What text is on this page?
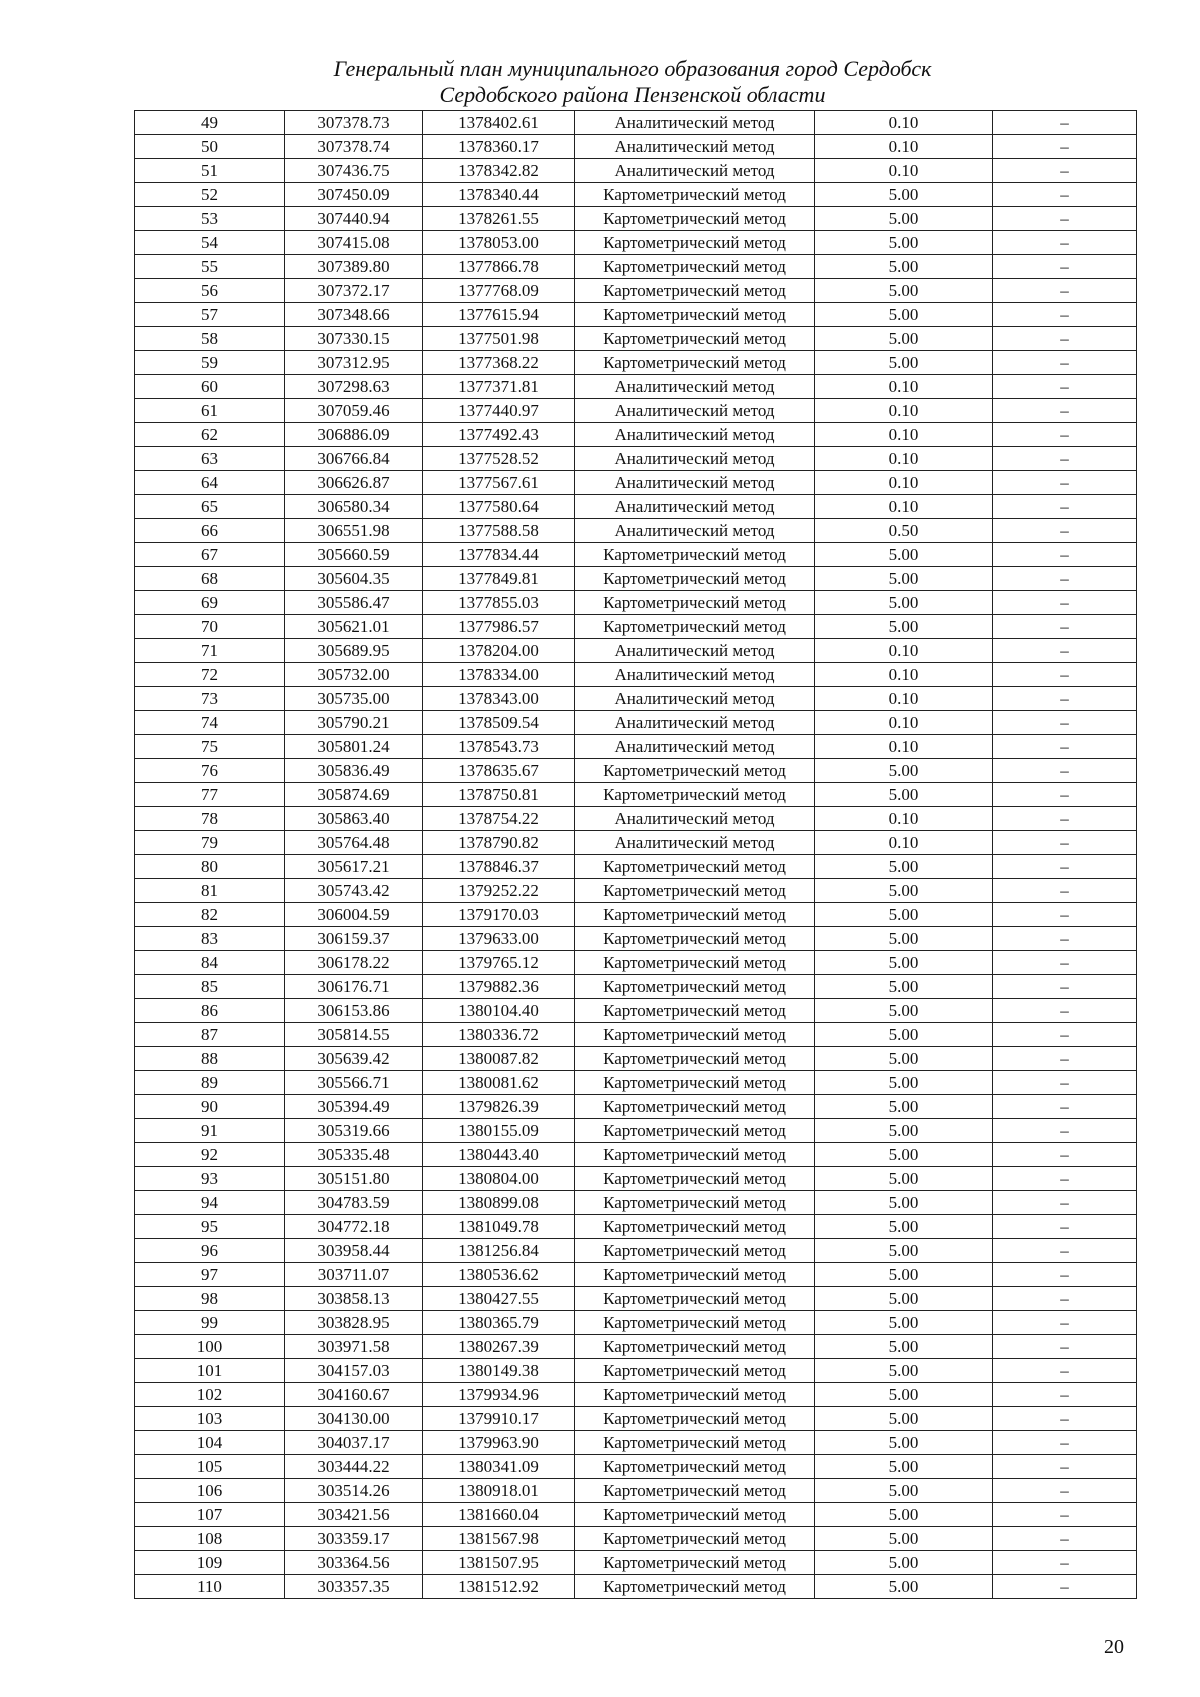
Генеральный план муниципального образования город Сердобск
Сердобского района Пензенской области
49	307378.73	1378402.61	Аналитический метод	0.10	–
50	307378.74	1378360.17	Аналитический метод	0.10	–
51	307436.75	1378342.82	Аналитический метод	0.10	–
52	307450.09	1378340.44	Картометрический метод	5.00	–
53	307440.94	1378261.55	Картометрический метод	5.00	–
54	307415.08	1378053.00	Картометрический метод	5.00	–
55	307389.80	1377866.78	Картометрический метод	5.00	–
56	307372.17	1377768.09	Картометрический метод	5.00	–
57	307348.66	1377615.94	Картометрический метод	5.00	–
58	307330.15	1377501.98	Картометрический метод	5.00	–
59	307312.95	1377368.22	Картометрический метод	5.00	–
60	307298.63	1377371.81	Аналитический метод	0.10	–
61	307059.46	1377440.97	Аналитический метод	0.10	–
62	306886.09	1377492.43	Аналитический метод	0.10	–
63	306766.84	1377528.52	Аналитический метод	0.10	–
64	306626.87	1377567.61	Аналитический метод	0.10	–
65	306580.34	1377580.64	Аналитический метод	0.10	–
66	306551.98	1377588.58	Аналитический метод	0.50	–
67	305660.59	1377834.44	Картометрический метод	5.00	–
68	305604.35	1377849.81	Картометрический метод	5.00	–
69	305586.47	1377855.03	Картометрический метод	5.00	–
70	305621.01	1377986.57	Картометрический метод	5.00	–
71	305689.95	1378204.00	Аналитический метод	0.10	–
72	305732.00	1378334.00	Аналитический метод	0.10	–
73	305735.00	1378343.00	Аналитический метод	0.10	–
74	305790.21	1378509.54	Аналитический метод	0.10	–
75	305801.24	1378543.73	Аналитический метод	0.10	–
76	305836.49	1378635.67	Картометрический метод	5.00	–
77	305874.69	1378750.81	Картометрический метод	5.00	–
78	305863.40	1378754.22	Аналитический метод	0.10	–
79	305764.48	1378790.82	Аналитический метод	0.10	–
80	305617.21	1378846.37	Картометрический метод	5.00	–
81	305743.42	1379252.22	Картометрический метод	5.00	–
82	306004.59	1379170.03	Картометрический метод	5.00	–
83	306159.37	1379633.00	Картометрический метод	5.00	–
84	306178.22	1379765.12	Картометрический метод	5.00	–
85	306176.71	1379882.36	Картометрический метод	5.00	–
86	306153.86	1380104.40	Картометрический метод	5.00	–
87	305814.55	1380336.72	Картометрический метод	5.00	–
88	305639.42	1380087.82	Картометрический метод	5.00	–
89	305566.71	1380081.62	Картометрический метод	5.00	–
90	305394.49	1379826.39	Картометрический метод	5.00	–
91	305319.66	1380155.09	Картометрический метод	5.00	–
92	305335.48	1380443.40	Картометрический метод	5.00	–
93	305151.80	1380804.00	Картометрический метод	5.00	–
94	304783.59	1380899.08	Картометрический метод	5.00	–
95	304772.18	1381049.78	Картометрический метод	5.00	–
96	303958.44	1381256.84	Картометрический метод	5.00	–
97	303711.07	1380536.62	Картометрический метод	5.00	–
98	303858.13	1380427.55	Картометрический метод	5.00	–
99	303828.95	1380365.79	Картометрический метод	5.00	–
100	303971.58	1380267.39	Картометрический метод	5.00	–
101	304157.03	1380149.38	Картометрический метод	5.00	–
102	304160.67	1379934.96	Картометрический метод	5.00	–
103	304130.00	1379910.17	Картометрический метод	5.00	–
104	304037.17	1379963.90	Картометрический метод	5.00	–
105	303444.22	1380341.09	Картометрический метод	5.00	–
106	303514.26	1380918.01	Картометрический метод	5.00	–
107	303421.56	1381660.04	Картометрический метод	5.00	–
108	303359.17	1381567.98	Картометрический метод	5.00	–
109	303364.56	1381507.95	Картометрический метод	5.00	–
110	303357.35	1381512.92	Картометрический метод	5.00	–
20
